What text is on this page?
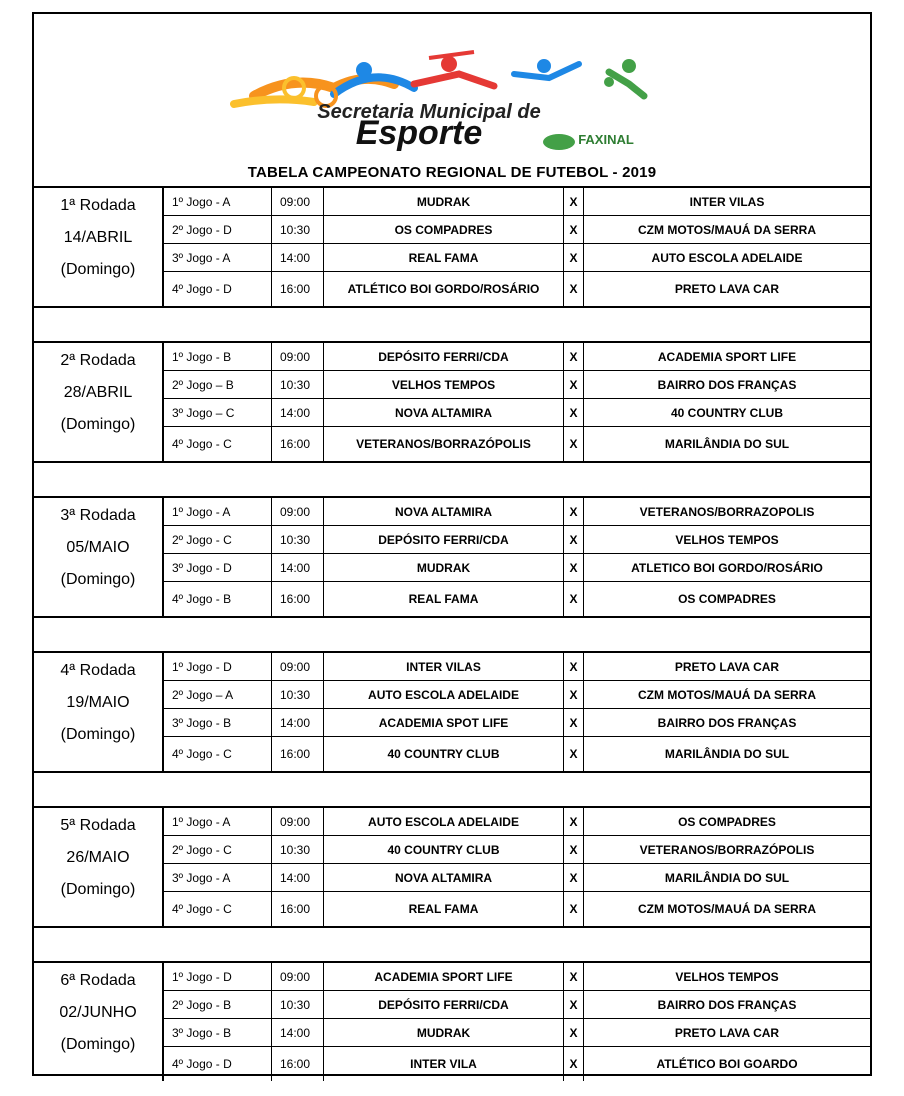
Secretaria Municipal de
Esporte	FAXINAL
TABELA CAMPEONATO REGIONAL DE FUTEBOL - 2019
1ª Rodada
14/ABRIL
(Domingo)
1º Jogo - A	09:00	MUDRAK	X	INTER VILAS
2º Jogo - D	10:30	OS COMPADRES	X	CZM MOTOS/MAUÁ DA SERRA
3º Jogo - A	14:00	REAL FAMA	X	AUTO ESCOLA ADELAIDE
4º Jogo - D	16:00	ATLÉTICO BOI GORDO/ROSÁRIO	X	PRETO LAVA CAR
2ª Rodada
28/ABRIL
(Domingo)
1º Jogo - B	09:00	DEPÓSITO FERRI/CDA	X	ACADEMIA SPORT LIFE
2º Jogo – B	10:30	VELHOS TEMPOS	X	BAIRRO DOS FRANÇAS
3º Jogo – C	14:00	NOVA ALTAMIRA	X	40 COUNTRY CLUB
4º Jogo - C	16:00	VETERANOS/BORRAZÓPOLIS	X	MARILÂNDIA DO SUL
3ª Rodada
05/MAIO
(Domingo)
1º Jogo - A	09:00	NOVA ALTAMIRA	X	VETERANOS/BORRAZOPOLIS
2º Jogo - C	10:30	DEPÓSITO FERRI/CDA	X	VELHOS TEMPOS
3º Jogo - D	14:00	MUDRAK	X	ATLETICO BOI GORDO/ROSÁRIO
4º Jogo - B	16:00	REAL FAMA	X	OS COMPADRES
4ª Rodada
19/MAIO
(Domingo)
1º Jogo - D	09:00	INTER VILAS	X	PRETO LAVA CAR
2º Jogo – A	10:30	AUTO ESCOLA ADELAIDE	X	CZM MOTOS/MAUÁ DA SERRA
3º Jogo - B	14:00	ACADEMIA SPOT LIFE	X	BAIRRO DOS FRANÇAS
4º Jogo - C	16:00	40 COUNTRY CLUB	X	MARILÂNDIA DO SUL
5ª Rodada
26/MAIO
(Domingo)
1º Jogo - A	09:00	AUTO ESCOLA ADELAIDE	X	OS COMPADRES
2º Jogo - C	10:30	40 COUNTRY CLUB	X	VETERANOS/BORRAZÓPOLIS
3º Jogo - A	14:00	NOVA ALTAMIRA	X	MARILÂNDIA DO SUL
4º Jogo - C	16:00	REAL FAMA	X	CZM MOTOS/MAUÁ DA SERRA
6ª Rodada
02/JUNHO
(Domingo)
1º Jogo - D	09:00	ACADEMIA SPORT LIFE	X	VELHOS TEMPOS
2º Jogo - B	10:30	DEPÓSITO FERRI/CDA	X	BAIRRO DOS FRANÇAS
3º Jogo - B	14:00	MUDRAK	X	PRETO LAVA CAR
4º Jogo - D	16:00	INTER VILA	X	ATLÉTICO BOI GOARDO
